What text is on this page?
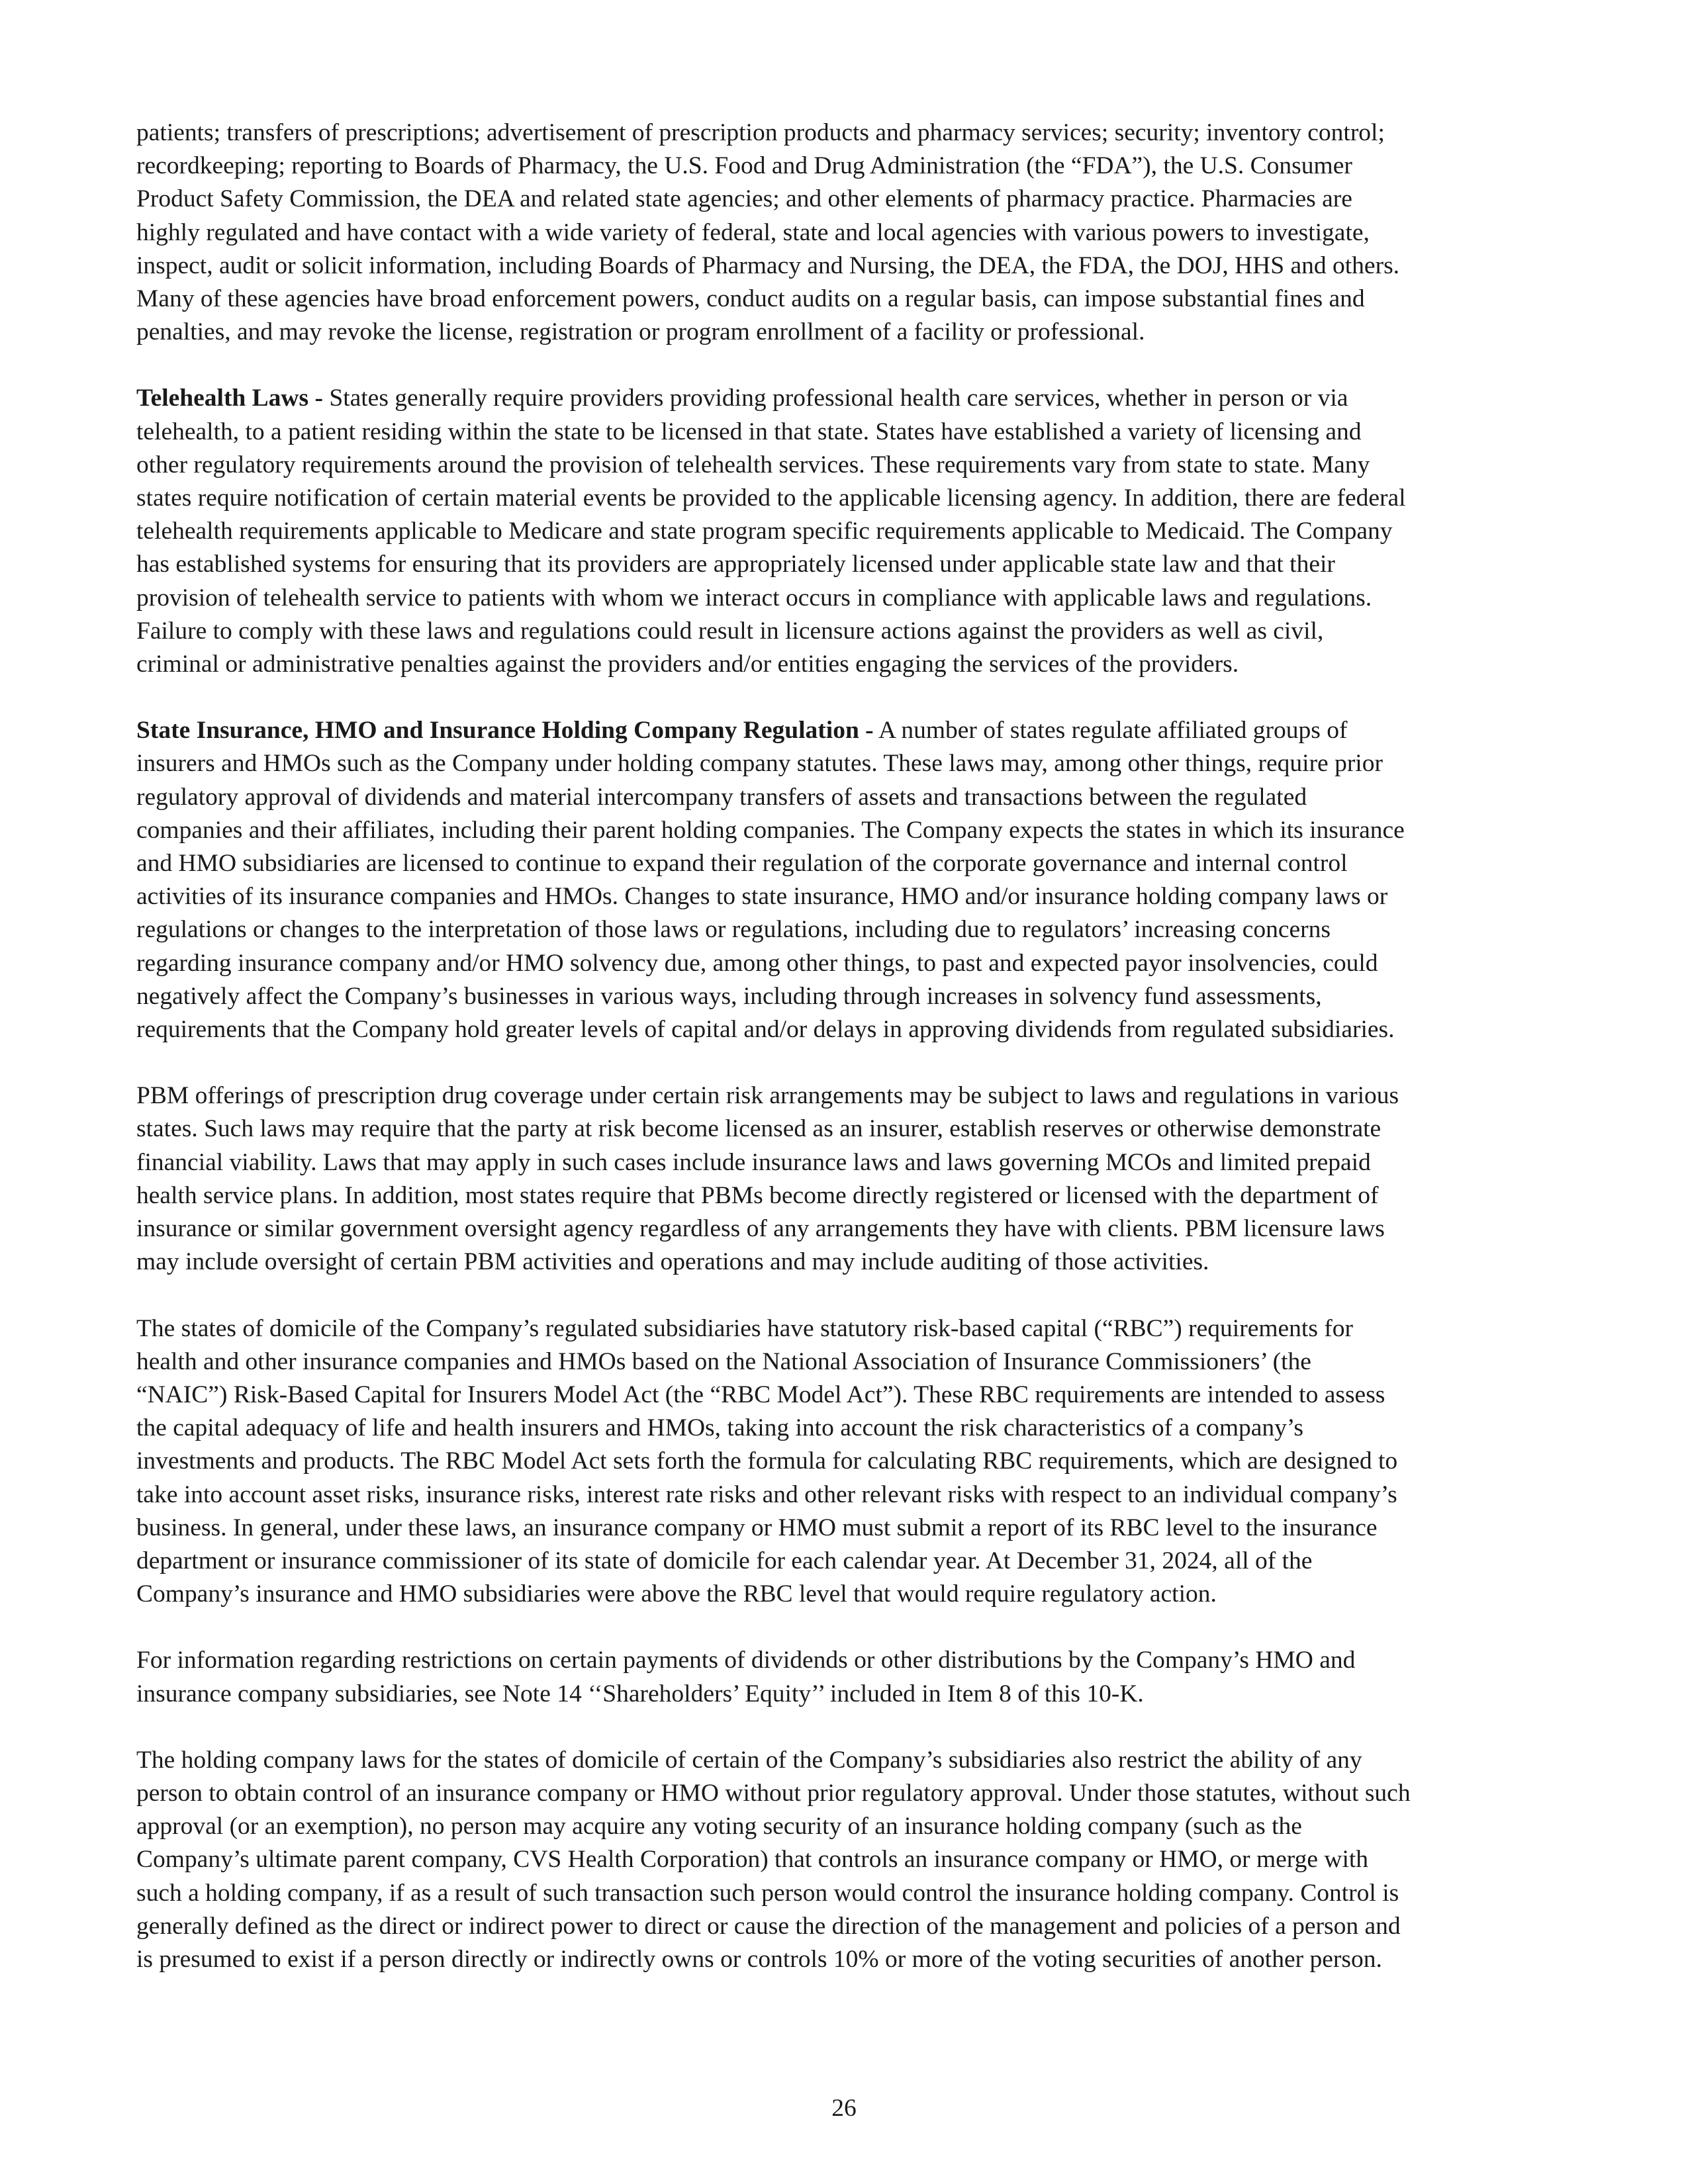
patients; transfers of prescriptions; advertisement of prescription products and pharmacy services; security; inventory control;
recordkeeping; reporting to Boards of Pharmacy, the U.S. Food and Drug Administration (the “FDA”), the U.S. Consumer
Product Safety Commission, the DEA and related state agencies; and other elements of pharmacy practice. Pharmacies are
highly regulated and have contact with a wide variety of federal, state and local agencies with various powers to investigate,
inspect, audit or solicit information, including Boards of Pharmacy and Nursing, the DEA, the FDA, the DOJ, HHS and others.
Many of these agencies have broad enforcement powers, conduct audits on a regular basis, can impose substantial fines and
penalties, and may revoke the license, registration or program enrollment of a facility or professional.

Telehealth Laws - States generally require providers providing professional health care services, whether in person or via
telehealth, to a patient residing within the state to be licensed in that state. States have established a variety of licensing and
other regulatory requirements around the provision of telehealth services. These requirements vary from state to state. Many
states require notification of certain material events be provided to the applicable licensing agency. In addition, there are federal
telehealth requirements applicable to Medicare and state program specific requirements applicable to Medicaid. The Company
has established systems for ensuring that its providers are appropriately licensed under applicable state law and that their
provision of telehealth service to patients with whom we interact occurs in compliance with applicable laws and regulations.
Failure to comply with these laws and regulations could result in licensure actions against the providers as well as civil,
criminal or administrative penalties against the providers and/or entities engaging the services of the providers.

State Insurance, HMO and Insurance Holding Company Regulation - A number of states regulate affiliated groups of
insurers and HMOs such as the Company under holding company statutes. These laws may, among other things, require prior
regulatory approval of dividends and material intercompany transfers of assets and transactions between the regulated
companies and their affiliates, including their parent holding companies. The Company expects the states in which its insurance
and HMO subsidiaries are licensed to continue to expand their regulation of the corporate governance and internal control
activities of its insurance companies and HMOs. Changes to state insurance, HMO and/or insurance holding company laws or
regulations or changes to the interpretation of those laws or regulations, including due to regulators’ increasing concerns
regarding insurance company and/or HMO solvency due, among other things, to past and expected payor insolvencies, could
negatively affect the Company’s businesses in various ways, including through increases in solvency fund assessments,
requirements that the Company hold greater levels of capital and/or delays in approving dividends from regulated subsidiaries.

PBM offerings of prescription drug coverage under certain risk arrangements may be subject to laws and regulations in various
states. Such laws may require that the party at risk become licensed as an insurer, establish reserves or otherwise demonstrate
financial viability. Laws that may apply in such cases include insurance laws and laws governing MCOs and limited prepaid
health service plans. In addition, most states require that PBMs become directly registered or licensed with the department of
insurance or similar government oversight agency regardless of any arrangements they have with clients. PBM licensure laws
may include oversight of certain PBM activities and operations and may include auditing of those activities.

The states of domicile of the Company’s regulated subsidiaries have statutory risk-based capital (“RBC”) requirements for
health and other insurance companies and HMOs based on the National Association of Insurance Commissioners’ (the
“NAIC”) Risk-Based Capital for Insurers Model Act (the “RBC Model Act”). These RBC requirements are intended to assess
the capital adequacy of life and health insurers and HMOs, taking into account the risk characteristics of a company’s
investments and products. The RBC Model Act sets forth the formula for calculating RBC requirements, which are designed to
take into account asset risks, insurance risks, interest rate risks and other relevant risks with respect to an individual company’s
business. In general, under these laws, an insurance company or HMO must submit a report of its RBC level to the insurance
department or insurance commissioner of its state of domicile for each calendar year. At December 31, 2024, all of the
Company’s insurance and HMO subsidiaries were above the RBC level that would require regulatory action.

For information regarding restrictions on certain payments of dividends or other distributions by the Company’s HMO and
insurance company subsidiaries, see Note 14 ‘‘Shareholders’ Equity’’ included in Item 8 of this 10-K.

The holding company laws for the states of domicile of certain of the Company’s subsidiaries also restrict the ability of any
person to obtain control of an insurance company or HMO without prior regulatory approval. Under those statutes, without such
approval (or an exemption), no person may acquire any voting security of an insurance holding company (such as the
Company’s ultimate parent company, CVS Health Corporation) that controls an insurance company or HMO, or merge with
such a holding company, if as a result of such transaction such person would control the insurance holding company. Control is
generally defined as the direct or indirect power to direct or cause the direction of the management and policies of a person and
is presumed to exist if a person directly or indirectly owns or controls 10% or more of the voting securities of another person.

26
